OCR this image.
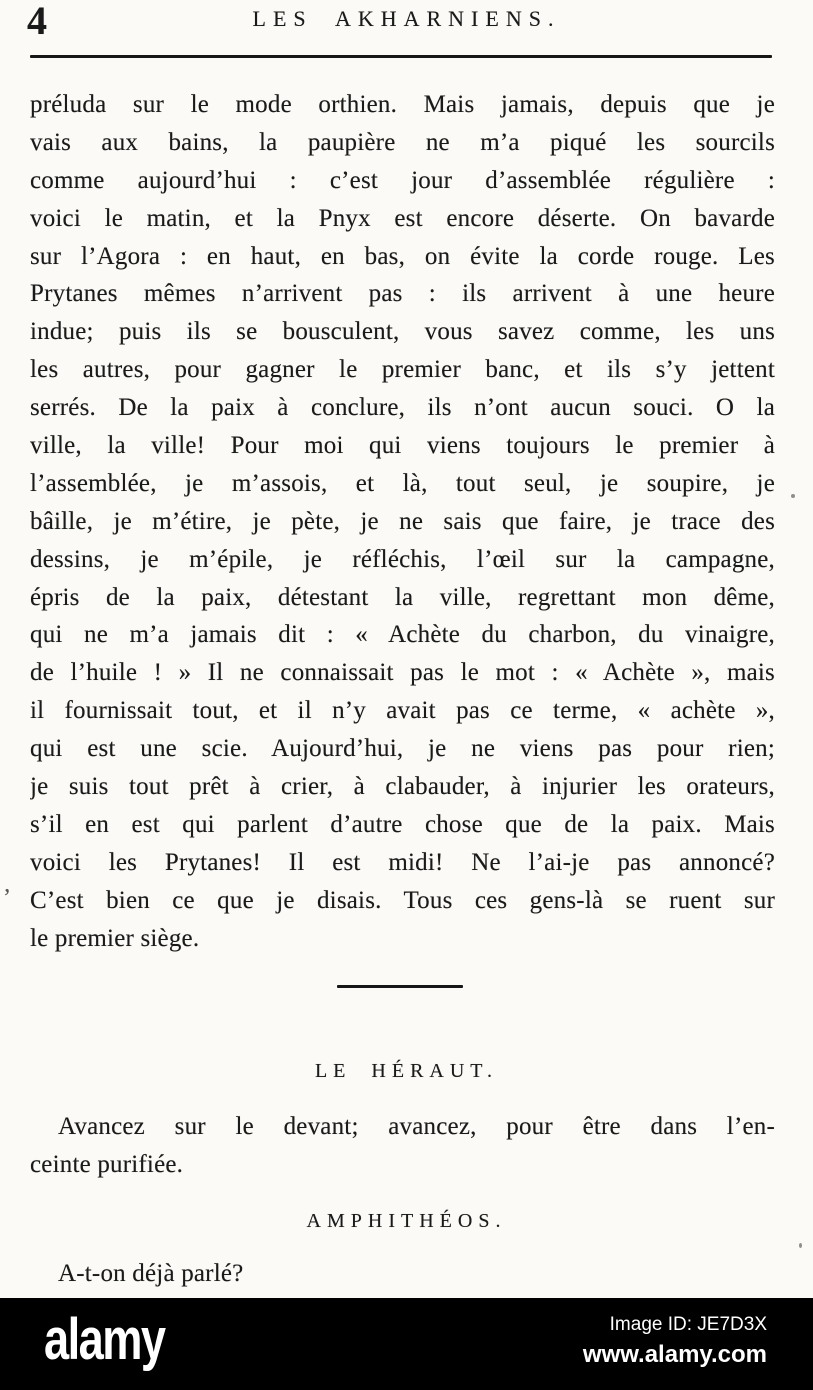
4	LES AKHARNIENS.
préluda sur le mode orthien. Mais jamais, depuis que je
vais aux bains, la paupière ne m’a piqué les sourcils
comme aujourd’hui : c’est jour d’assemblée régulière :
voici le matin, et la Pnyx est encore déserte. On bavarde
sur l’Agora : en haut, en bas, on évite la corde rouge. Les
Prytanes mêmes n’arrivent pas : ils arrivent à une heure
indue; puis ils se bousculent, vous savez comme, les uns
les autres, pour gagner le premier banc, et ils s’y jettent
serrés. De la paix à conclure, ils n’ont aucun souci. O la
ville, la ville! Pour moi qui viens toujours le premier à
l’assemblée, je m’assois, et là, tout seul, je soupire, je
bâille, je m’étire, je pète, je ne sais que faire, je trace des
dessins, je m’épile, je réfléchis, l’œil sur la campagne,
épris de la paix, détestant la ville, regrettant mon dême,
qui ne m’a jamais dit : « Achète du charbon, du vinaigre,
de l’huile ! » Il ne connaissait pas le mot : « Achète », mais
il fournissait tout, et il n’y avait pas ce terme, « achète »,
qui est une scie. Aujourd’hui, je ne viens pas pour rien;
je suis tout prêt à crier, à clabauder, à injurier les orateurs,
s’il en est qui parlent d’autre chose que de la paix. Mais
voici les Prytanes! Il est midi! Ne l’ai-je pas annoncé?
C’est bien ce que je disais. Tous ces gens-là se ruent sur
le premier siège.
’
LE HÉRAUT.
Avancez sur le devant; avancez, pour être dans l’en-
ceinte purifiée.
AMPHITHÉOS.
A-t-on déjà parlé?
alamy	Image ID: JE7D3X
www.alamy.com
